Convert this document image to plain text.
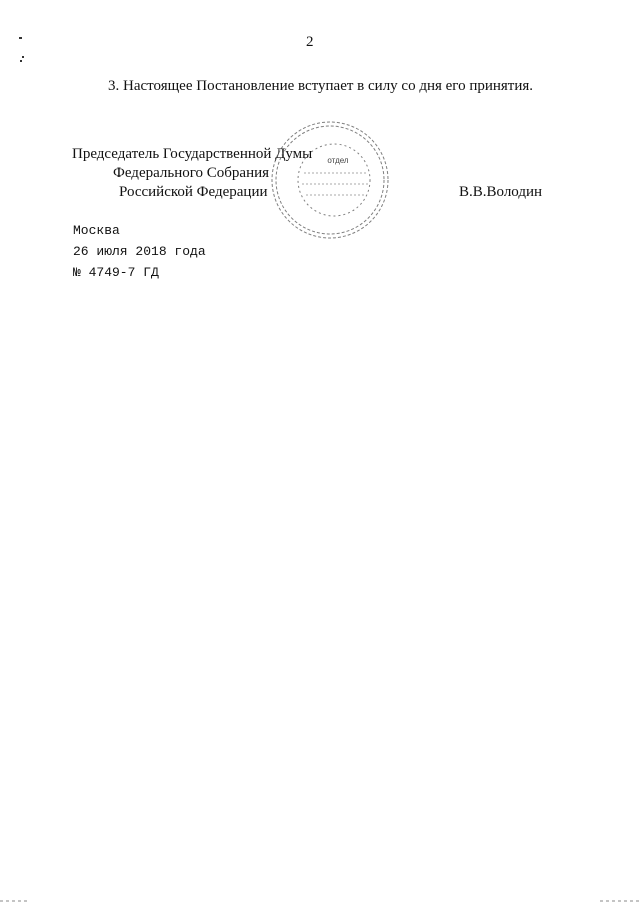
2
3. Настоящее Постановление вступает в силу со дня его принятия.
Председатель Государственной Думы
Федерального Собрания
Российской Федерации	В.В.Володин
отдел
Москва
26 июля 2018 года
№ 4749-7 ГД
